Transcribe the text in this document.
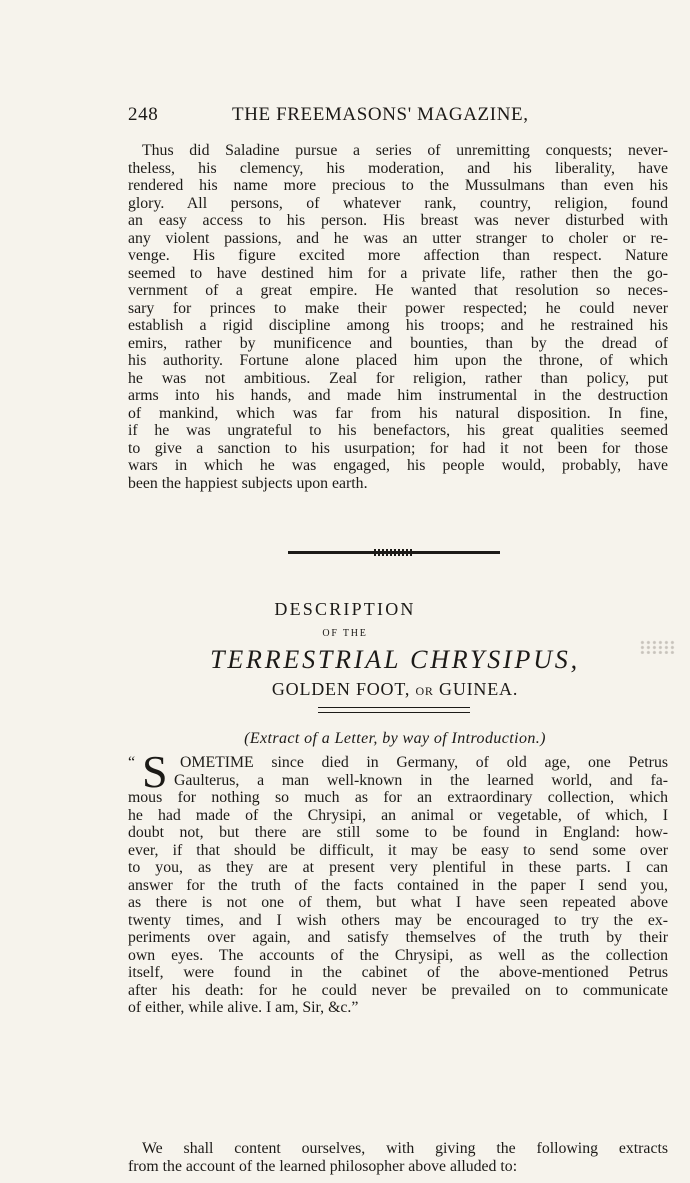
248	THE FREEMASONS' MAGAZINE,
Thus did Saladine pursue a series of unremitting conquests; never-
theless, his clemency, his moderation, and his liberality, have
rendered his name more precious to the Mussulmans than even his
glory. All persons, of whatever rank, country, religion, found
an easy access to his person. His breast was never disturbed with
any violent passions, and he was an utter stranger to choler or re-
venge. His figure excited more affection than respect. Nature
seemed to have destined him for a private life, rather then the go-
vernment of a great empire. He wanted that resolution so neces-
sary for princes to make their power respected; he could never
establish a rigid discipline among his troops; and he restrained his
emirs, rather by munificence and bounties, than by the dread of
his authority. Fortune alone placed him upon the throne, of which
he was not ambitious. Zeal for religion, rather than policy, put
arms into his hands, and made him instrumental in the destruction
of mankind, which was far from his natural disposition. In fine,
if he was ungrateful to his benefactors, his great qualities seemed
to give a sanction to his usurpation; for had it not been for those
wars in which he was engaged, his people would, probably, have
been the happiest subjects upon earth.
DESCRIPTION
OF THE
TERRESTRIAL CHRYSIPUS,
GOLDEN FOOT, OR GUINEA.
(Extract of a Letter, by way of Introduction.)
“ S OMETIME since died in Germany, of old age, one Petrus
Gaulterus, a man well-known in the learned world, and fa-
mous for nothing so much as for an extraordinary collection, which
he had made of the Chrysipi, an animal or vegetable, of which, I
doubt not, but there are still some to be found in England: how-
ever, if that should be difficult, it may be easy to send some over
to you, as they are at present very plentiful in these parts. I can
answer for the truth of the facts contained in the paper I send you,
as there is not one of them, but what I have seen repeated above
twenty times, and I wish others may be encouraged to try the ex-
periments over again, and satisfy themselves of the truth by their
own eyes. The accounts of the Chrysipi, as well as the collection
itself, were found in the cabinet of the above-mentioned Petrus
after his death: for he could never be prevailed on to communicate
of either, while alive. I am, Sir, &c.”
We shall content ourselves, with giving the following extracts
from the account of the learned philosopher above alluded to:
